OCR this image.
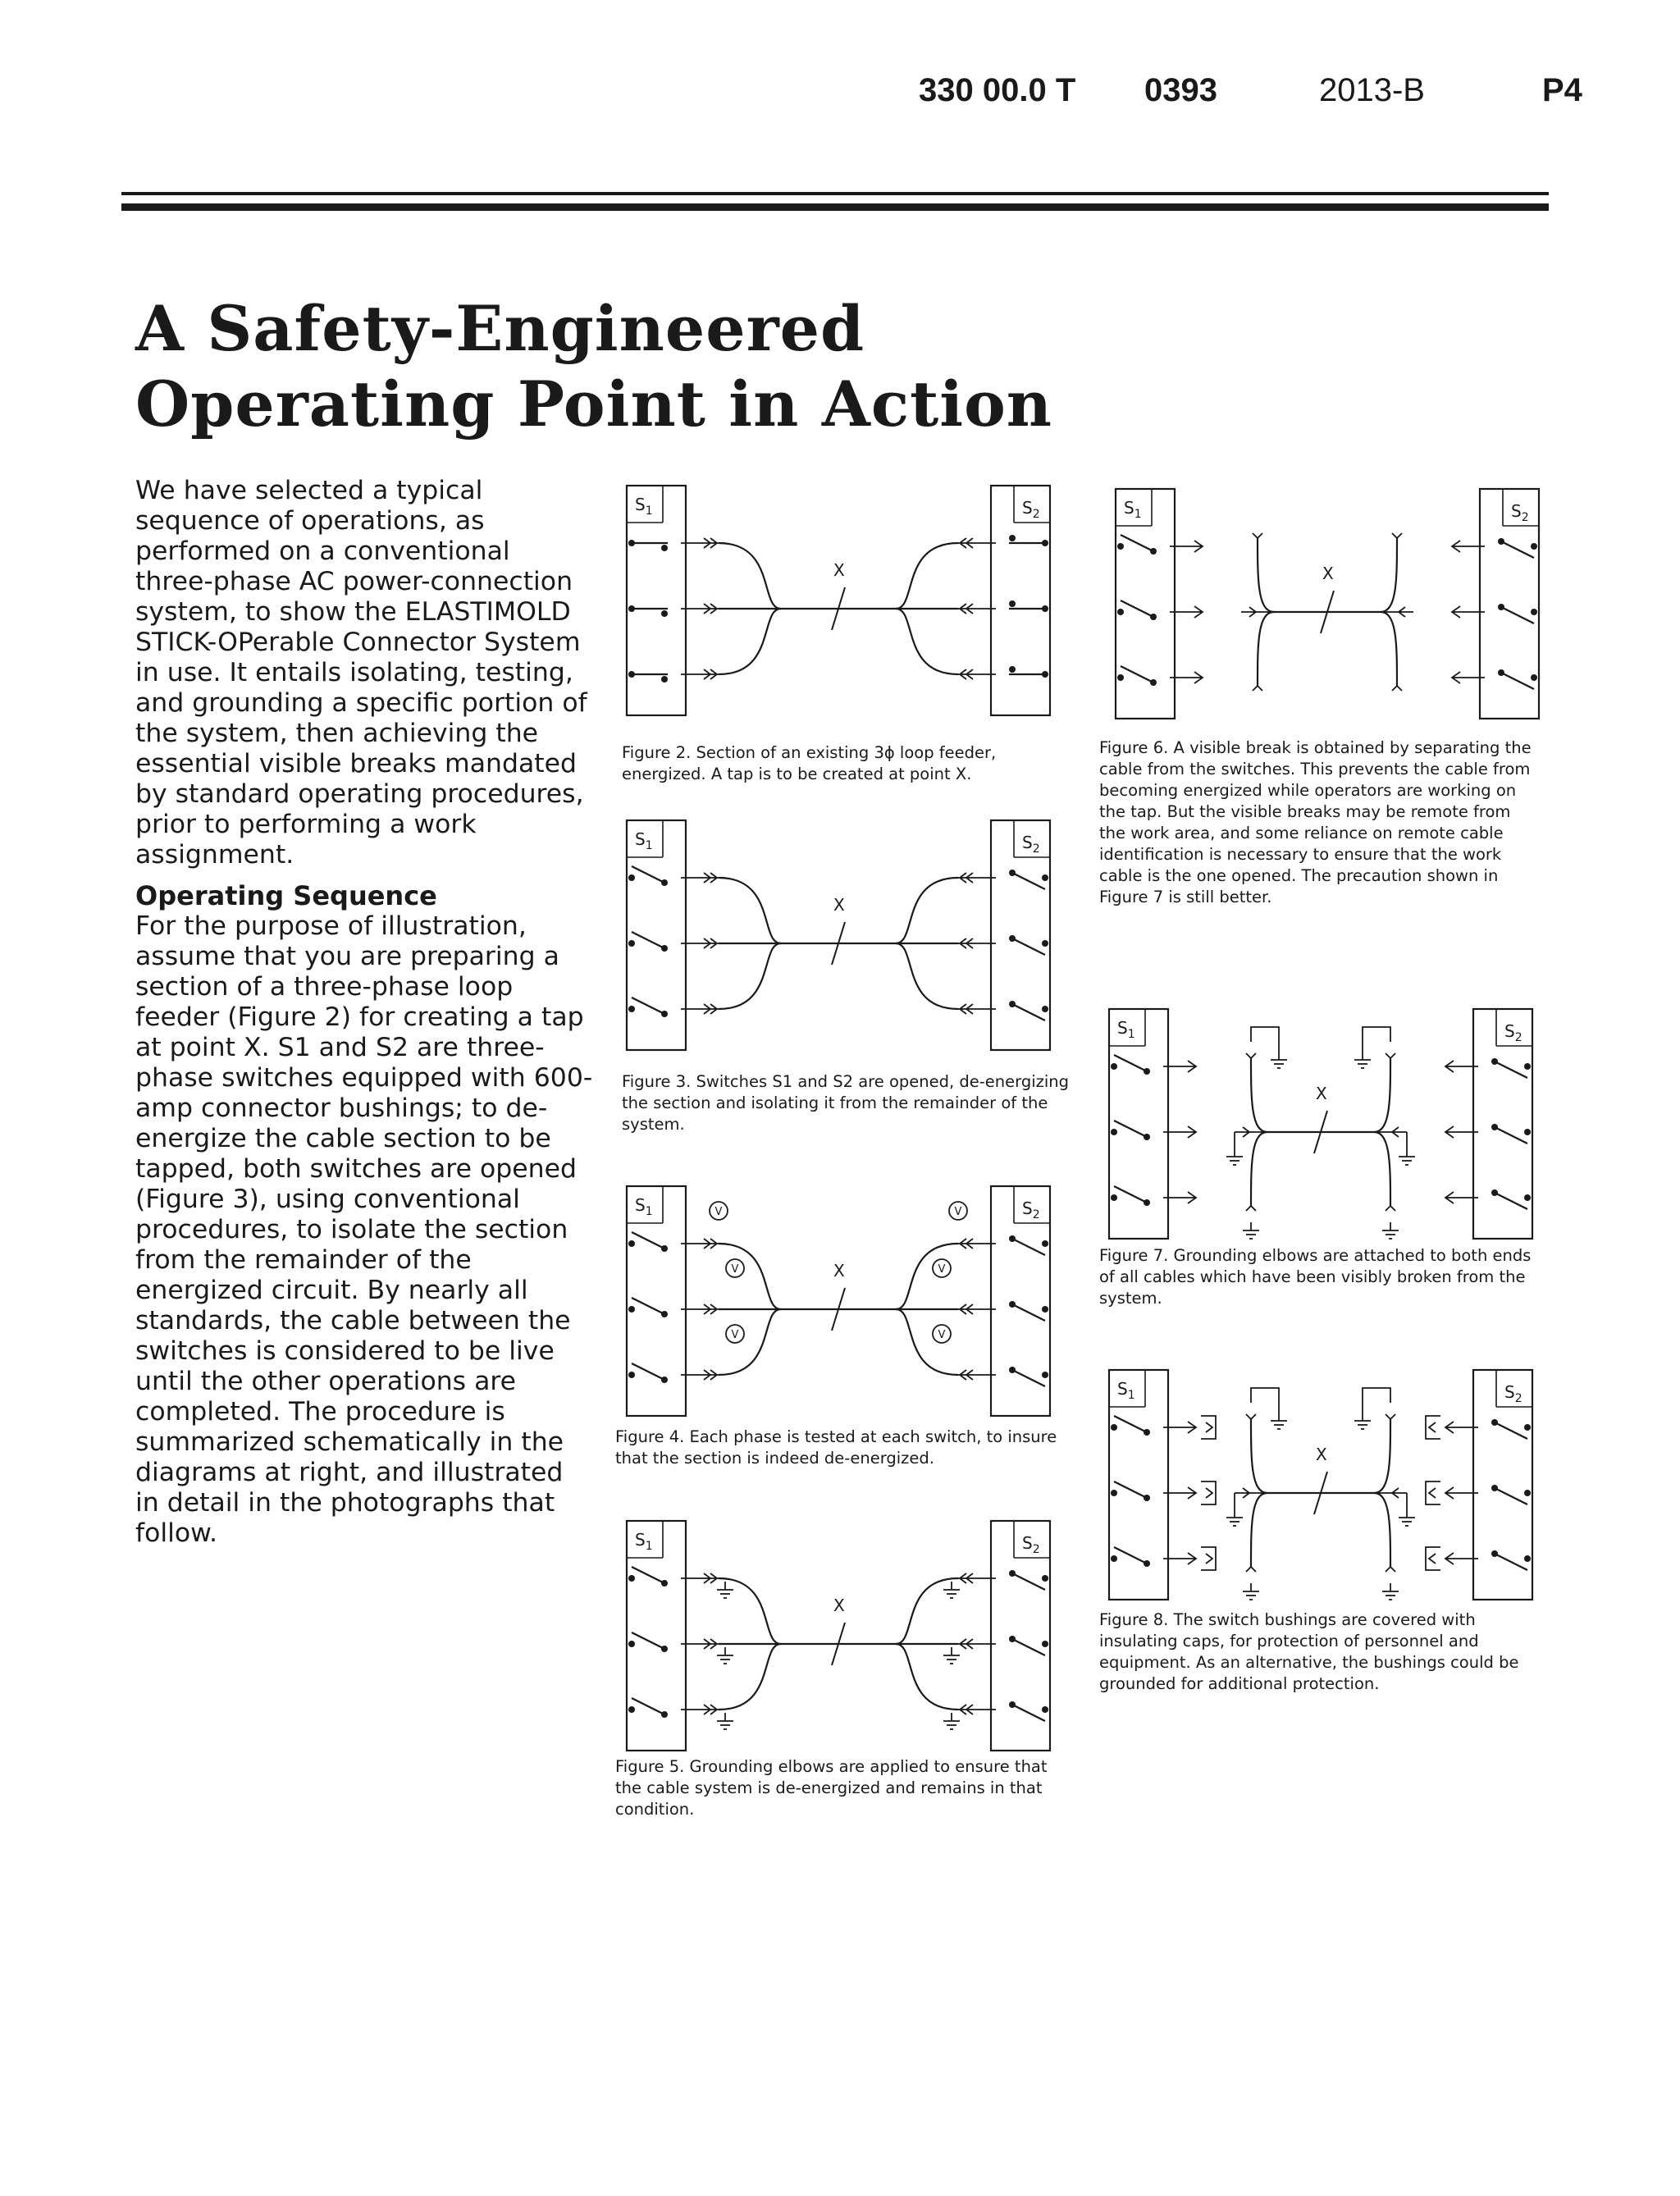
330 00.0 T 0393	2013-B	P4
A Safety-Engineered
Operating Point in Action

We have selected a typical sequence of operations, as performed on a conventional three-phase AC power-connection system, to show the ELASTIMOLD STICK-OPerable Connector System in use. It entails isolating, testing, and grounding a specific portion of the system, then achieving the essential visible breaks mandated by standard operating procedures, prior to performing a work assignment.

Operating Sequence

For the purpose of illustration, assume that you are preparing a section of a three-phase loop feeder (Figure 2) for creating a tap at point X. S1 and S2 are three-phase switches equipped with 600-amp connector bushings; to de-energize the cable section to be tapped, both switches are opened (Figure 3), using conventional procedures, to isolate the section from the remainder of the energized circuit. By nearly all standards, the cable between the switches is considered to be live until the other operations are completed. The procedure is summarized schematically in the diagrams at right, and illustrated in detail in the photographs that follow.

$S_1$	$S_2$
X
Figure 2. Section of an existing 3ϕ loop feeder, energized. A tap is to be created at point X.
$S_1$	$S_2$
X
Figure 3. Switches S1 and S2 are opened, de-energizing the section and isolating it from the remainder of the system.
$S_1$	$S_2$
X
V
V
V
V
V
V
Figure 4. Each phase is tested at each switch, to insure that the section is indeed de-energized.
$S_1$	$S_2$
X
Figure 5. Grounding elbows are applied to ensure that the cable system is de-energized and remains in that condition.
$S_1$	$S_2$
X
Figure 6. A visible break is obtained by separating the cable from the switches. This prevents the cable from becoming energized while operators are working on the tap. But the visible breaks may be remote from the work area, and some reliance on remote cable identification is necessary to ensure that the work cable is the one opened. The precaution shown in Figure 7 is still better.
$S_1$	$S_2$
X
Figure 7. Grounding elbows are attached to both ends of all cables which have been visibly broken from the system.
$S_1$	$S_2$
X
Figure 8. The switch bushings are covered with insulating caps, for protection of personnel and equipment. As an alternative, the bushings could be grounded for additional protection.
